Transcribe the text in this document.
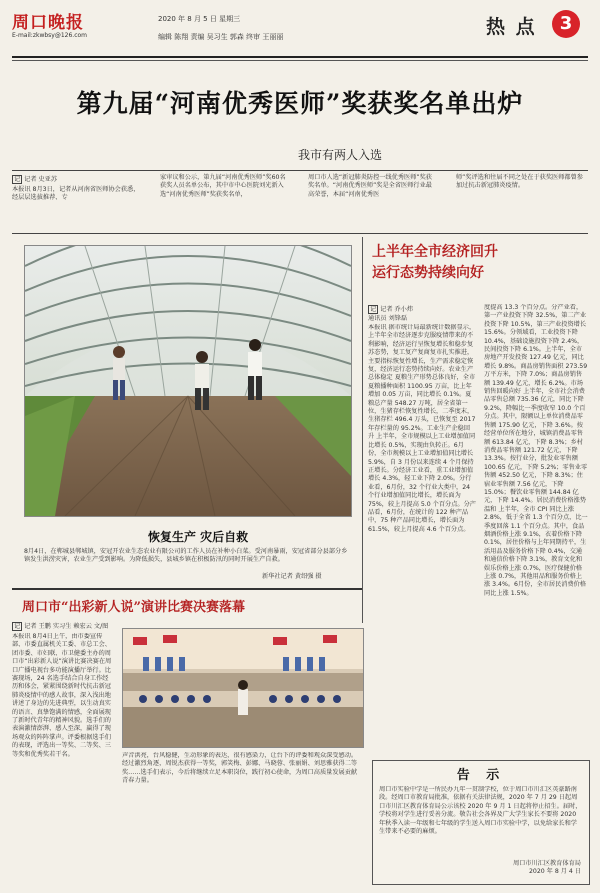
周口晚报
E-mail:zkwbsy@126.com
2020 年 8 月 5 日 星期三
编辑 陈翔 责编 吴习生 郭森 终审 王丽丽	热 点	3
第九届“河南优秀医师”奖获奖名单出炉
我市有两人入选
记 记者 史亚苏
本报讯 8月3日，记者从河南省医师协会获悉，经层层选拔推荐、专
家审议和公示，第九届“河南优秀医师”奖60名获奖人员名单公布，其中市中心医院刘光新入选“河南优秀医师”奖获奖名单，
周口市人选“新冠肺炎防控一线优秀医师”奖获奖名单。“河南优秀医师”奖是全省医师行业最高荣誉，本届“河南优秀医
师”奖评选和往届不同之处在于获奖医师都曾参加过抗击新冠肺炎疫情。
恢复生产 灾后自救
8月4日，在郸城县郸城镇，安冠开农业生态农业有限公司的工作人员在补种小白菜。受河南暴雨，安冠省部分县部分乡镇发生洪涝灾害，农业生产受到影响。为降低损失，县城乡镇在积极防汛的同时开展生产自救。
新华社记者 黄绍强 摄
上半年全市经济回升
运行态势持续向好
记 记者 乔小炜
通讯员 刘锋磊
本报讯 据市统计局最新统计数据显示，上半年全市经济逐步克服疫情带来的不利影响，经济运行呈恢复增长和稳步复苏态势，复工复产复商复市扎实推进，主要指标恢复性增长，生产需求稳定恢复，经济运行态势持续向好。农业生产总体稳定 夏粮生产形势总体良好，全市夏粮播种面积 1100.95 万亩，比上年增加 0.05 万亩，同比增长 0.1%。夏粮总产量 548.27 万吨，居全省第一位，生猪存栏恢复性增长，二季度末，生猪存栏 496.4 万头，已恢复至 2017 年存栏量的 95.2%。工业生产企稳回升 上半年，全市规模以上工业增加值同比增长 0.5%，实现由负转正。6月份，全市规模以上工业增加值同比增长 5.9%，自 3 月份以来连续 4 个月保持正增长。分经济工业看，重工业增加值增长 4.3%，轻工业下降 2.0%。分行业看，6月份，32 个行业大类中，24 个行业增加值同比增长，增长面为 75%，较上月提高 5.0 个百分点。分产品看，6月份，在统计的 122 种产品中，75 种产品同比增长，增长面为 61.5%，较上月提高 4.6 个百分点。
度提高 13.3 个百分点。分产业看，第一产业投资下降 32.5%，第二产业投资下降 10.5%，第三产业投资增长 15.6%。分领域看，工业投资下降 10.4%，基础设施投资下降 2.4%，民间投资下降 6.1%。上半年，全市房地产开发投资 127.49 亿元，同比增长 9.8%。商品房销售面积 273.59 万平方米，下降 7.0%；商品房销售额 139.49 亿元，增长 6.2%。市场销售回暖向好 上半年，全市社会消费品零售总额 735.36 亿元，同比下降 9.2%，降幅比一季度收窄 10.0 个百分点。其中，限额以上单位消费品零售额 175.90 亿元，下降 3.6%。按经营单位所在地分，城镇消费品零售额 613.84 亿元，下降 8.3%；乡村消费品零售额 121.72 亿元，下降 13.3%。按行业分，批发业零售额 100.65 亿元，下降 5.2%；零售业零售额 452.50 亿元，下降 8.3%；住宿业零售额 7.56 亿元，下降 15.0%；餐饮业零售额 144.84 亿元，下降 14.4%。居民消费价格涨势温和 上半年，全市 CPI 同比上涨 2.8%，低于全省 1.3 个百分点，比一季度回落 1.1 个百分点。其中，食品烟酒价格上涨 9.1%，衣着价格下降 0.1%，居住价格与上年同期持平，生活用品及服务价格下降 0.4%，交通和通信价格下降 3.1%，教育文化和娱乐价格上涨 0.7%，医疗保健价格上涨 0.7%，其他用品和服务价格上涨 3.4%。6月份，全市居民消费价格同比上涨 1.5%。
周口市“出彩新人说”演讲比赛决赛落幕
记 记者 王鹏 实习生 赖宏云 文/图
本报讯 8月4日上午，由市委宣传部、市委直属机关工委、市总工会、团市委、市妇联、市卫健委主办的周口市“出彩新人说”演讲比赛决赛在周口广播电视台多功能演播厅举行。比赛现场，24 名选手结合自身工作经历和体会，紧紧围绕新时代抗击新冠肺炎疫情中的感人故事，深入浅出地讲述了身边的先进典型，以生动真实的语言、真挚饱满的情感，全面展现了新时代青年的精神风貌。选手们的表演激情澎湃、感人至深，赢得了现场观众的阵阵掌声。评委根据选手们的表现，评选出一等奖、二等奖、三等奖和优秀奖若干名。	声音洪亮，台风稳健，生动形象的表达，很有感染力，让台下的评委和观众深受感动。经过激烈角逐，周锐杰获得一等奖，郭笑梅、彭娜、马晓蓉、张丽娟、刘思雅获得二等奖……选手们表示，今后将继续立足本职岗位，践行初心使命，为周口高质量发展贡献青春力量。	告 示
周口市实验中学是一所民办九年一贯制学校，位于周口市川汇区英豪路南段。经周口市教育局批准，依据有关法律法规，2020 年 7 月 29 日起周口市川汇区教育体育局公示该校 2020 年 9 月 1 日起将停止招生。届时，学校将对学生进行妥善分流。敬告社会各界及广大学生家长不要将 2020 年秋季入读一年级和七年级的学生送入周口市实验中学，以免给家长和学生带来不必要的麻烦。
周口市川汇区教育体育局
2020 年 8 月 4 日
